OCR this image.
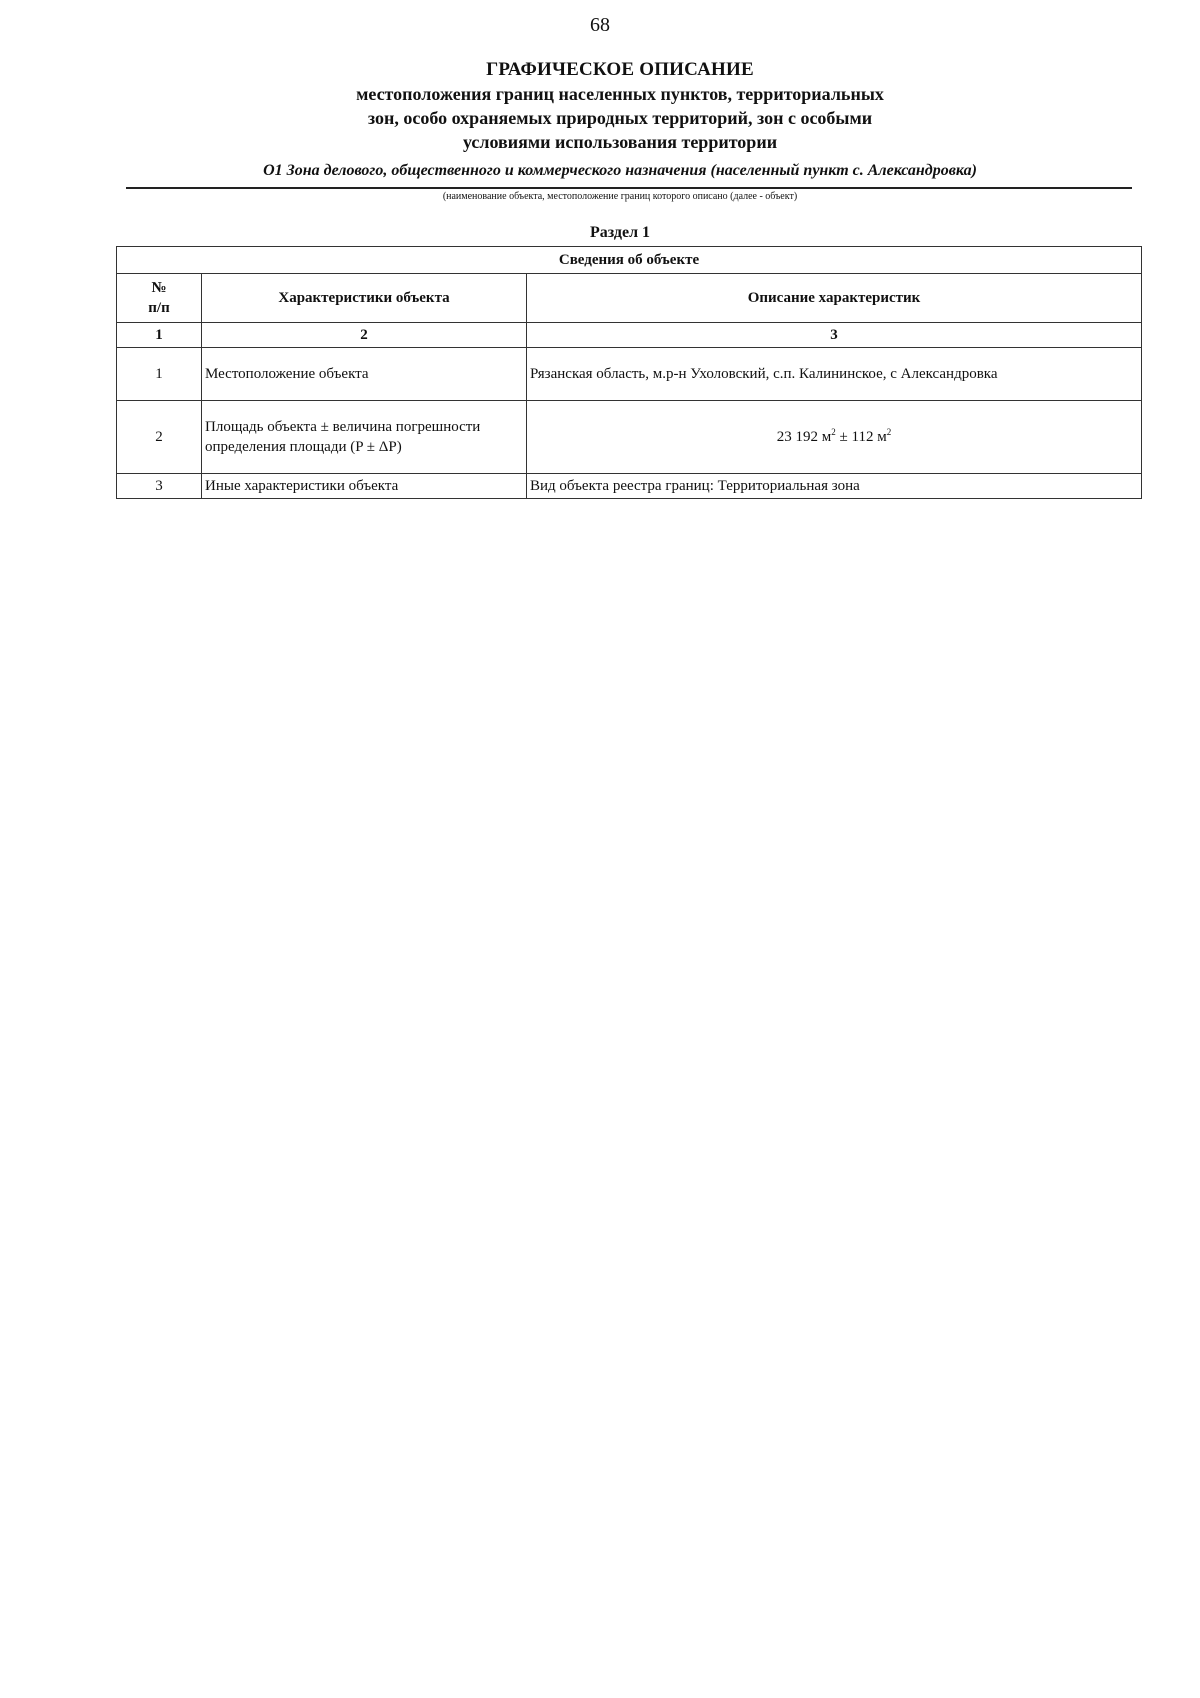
68
ГРАФИЧЕСКОЕ ОПИСАНИЕ
местоположения границ населенных пунктов, территориальных
зон, особо охраняемых природных территорий, зон с особыми
условиями использования территории
О1 Зона делового, общественного и коммерческого назначения (населенный пункт с. Александровка)
(наименование объекта, местоположение границ которого описано (далее - объект)
Раздел 1
Сведения об объекте		
№
п/п	Характеристики объекта	Описание характеристик
1	2	3
1	Местоположение объекта	Рязанская область, м.р-н Ухоловский, с.п. Калининское, с Александровка
2	Площадь объекта ± величина погрешности определения площади (P ± ΔP)	23 192 $м^2 \pm 112$ $м^2$
3	Иные характеристики объекта	Вид объекта реестра границ: Территориальная зона
